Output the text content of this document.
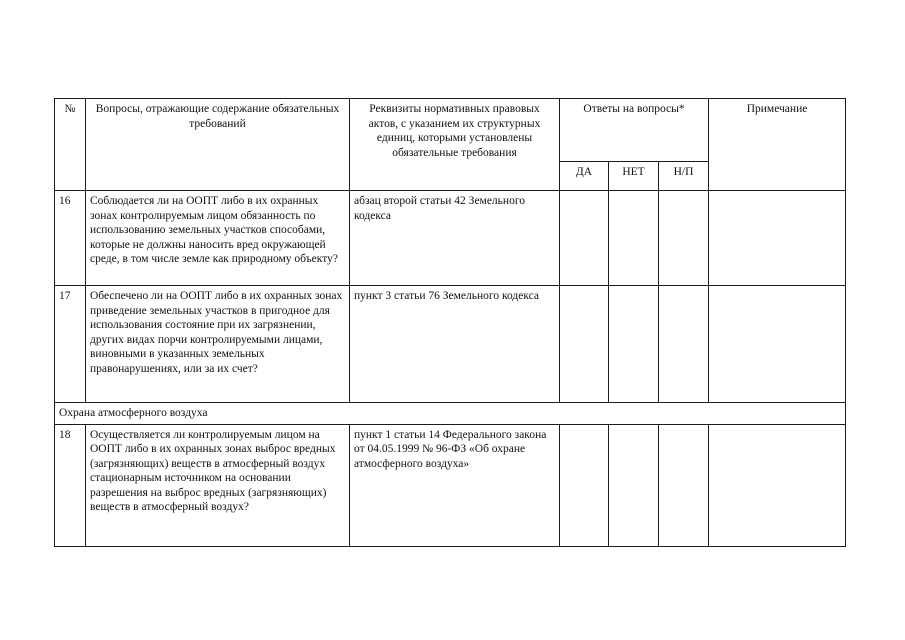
№	Вопросы, отражающие содержание обязательных требований	Реквизиты нормативных правовых актов, с указанием их структурных единиц, которыми установлены обязательные требования	Ответы на вопросы*			Примечание
			ДА	НЕТ	Н/П	
16	Соблюдается ли на ООПТ либо в их охранных зонах контролируемым лицом обязанность по использованию земельных участков способами, которые не должны наносить вред окружающей среде, в том числе земле как природному объекту?	абзац второй статьи 42 Земельного кодекса				
17	Обеспечено ли на ООПТ либо в их охранных зонах приведение земельных участков в пригодное для использования состояние при их загрязнении, других видах порчи контролируемыми лицами, виновными в указанных земельных правонарушениях, или за их счет?	пункт 3 статьи 76 Земельного кодекса				
Охрана атмосферного воздуха						
18	Осуществляется ли контролируемым лицом на ООПТ либо в их охранных зонах выброс вредных (загрязняющих) веществ в атмосферный воздух стационарным источником на основании разрешения на выброс вредных (загрязняющих) веществ в атмосферный воздух?	пункт 1 статьи 14 Федерального закона от 04.05.1999 № 96-ФЗ «Об охране атмосферного воздуха»				
